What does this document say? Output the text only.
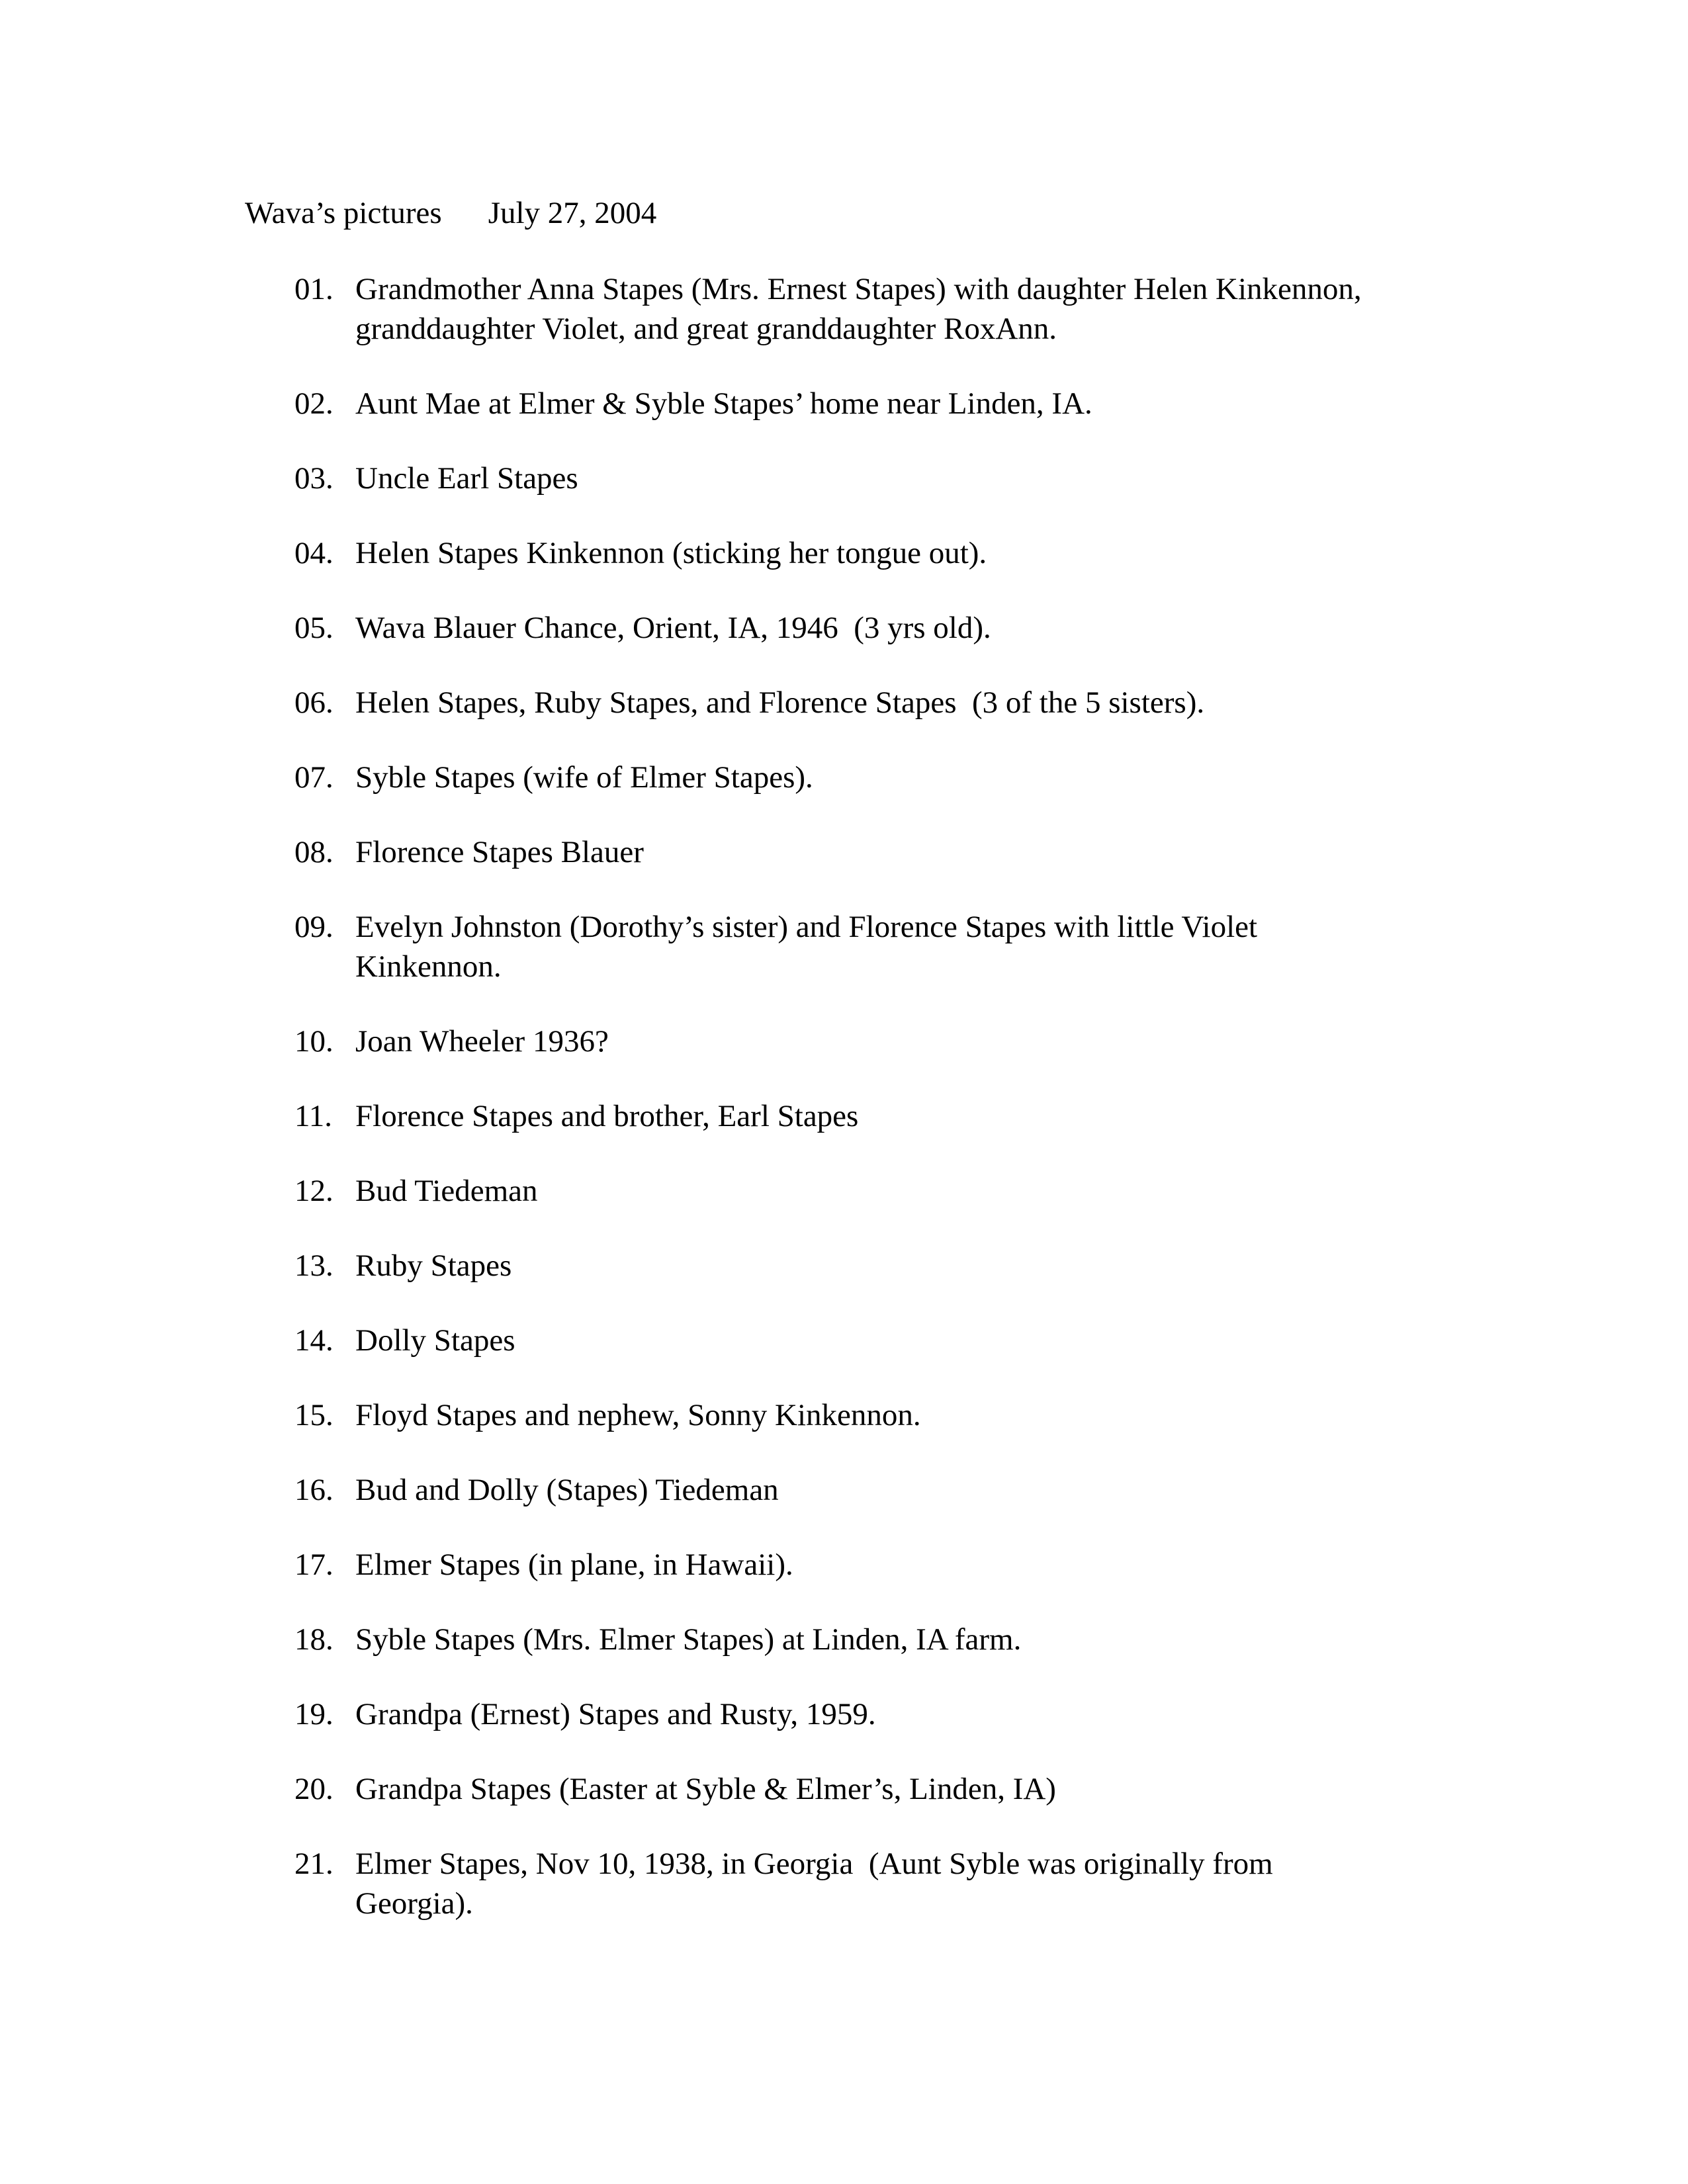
Wava’s pictures July 27, 2004
01. Grandmother Anna Stapes (Mrs. Ernest Stapes) with daughter Helen Kinkennon, granddaughter Violet, and great granddaughter RoxAnn.
02. Aunt Mae at Elmer & Syble Stapes’ home near Linden, IA.
03. Uncle Earl Stapes
04. Helen Stapes Kinkennon (sticking her tongue out).
05. Wava Blauer Chance, Orient, IA, 1946  (3 yrs old).
06. Helen Stapes, Ruby Stapes, and Florence Stapes  (3 of the 5 sisters).
07. Syble Stapes (wife of Elmer Stapes).
08. Florence Stapes Blauer
09. Evelyn Johnston (Dorothy’s sister) and Florence Stapes with little Violet Kinkennon.
10. Joan Wheeler 1936?
11. Florence Stapes and brother, Earl Stapes
12. Bud Tiedeman
13. Ruby Stapes
14. Dolly Stapes
15. Floyd Stapes and nephew, Sonny Kinkennon.
16. Bud and Dolly (Stapes) Tiedeman
17. Elmer Stapes (in plane, in Hawaii).
18. Syble Stapes (Mrs. Elmer Stapes) at Linden, IA farm.
19. Grandpa (Ernest) Stapes and Rusty, 1959.
20. Grandpa Stapes (Easter at Syble & Elmer’s, Linden, IA)
21. Elmer Stapes, Nov 10, 1938, in Georgia  (Aunt Syble was originally from Georgia).
